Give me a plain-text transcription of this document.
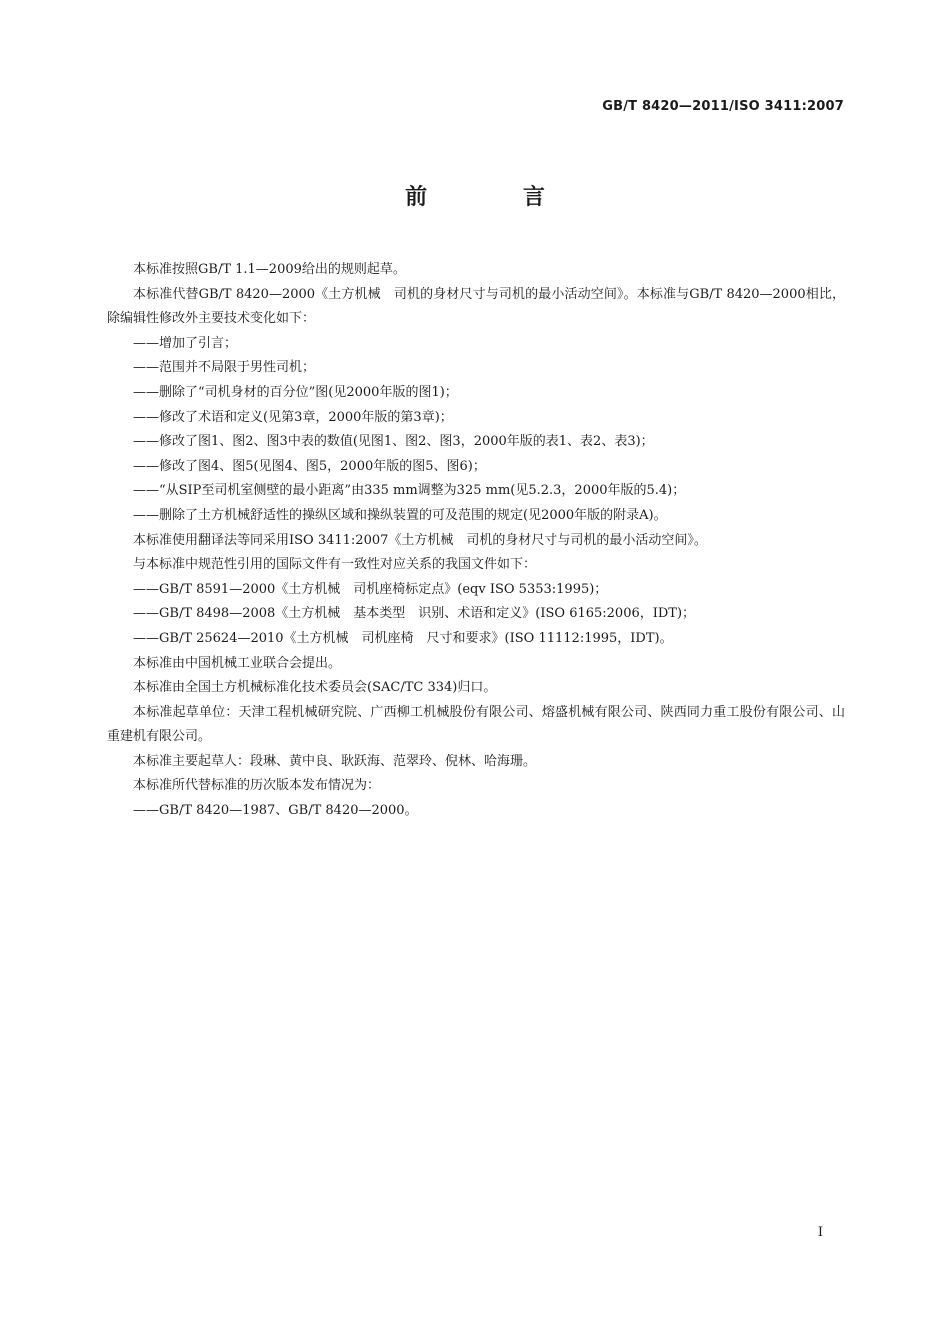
GB/T 8420—2011/ISO 3411:2007
前 言

本标准按照GB/T 1.1—2009给出的规则起草。

本标准代替GB/T 8420—2000《土方机械　司机的身材尺寸与司机的最小活动空间》。本标准与GB/T 8420—2000相比，除编辑性修改外主要技术变化如下：

——增加了引言；

——范围并不局限于男性司机；

——删除了“司机身材的百分位”图(见2000年版的图1)；

——修改了术语和定义(见第3章，2000年版的第3章)；

——修改了图1、图2、图3中表的数值(见图1、图2、图3，2000年版的表1、表2、表3)；

——修改了图4、图5(见图4、图5，2000年版的图5、图6)；

——“从SIP至司机室侧壁的最小距离”由335 mm调整为325 mm(见5.2.3，2000年版的5.4)；

——删除了土方机械舒适性的操纵区域和操纵装置的可及范围的规定(见2000年版的附录A)。

本标准使用翻译法等同采用ISO 3411:2007《土方机械　司机的身材尺寸与司机的最小活动空间》。

与本标准中规范性引用的国际文件有一致性对应关系的我国文件如下：

——GB/T 8591—2000《土方机械　司机座椅标定点》(eqv ISO 5353:1995)；

——GB/T 8498—2008《土方机械　基本类型　识别、术语和定义》(ISO 6165:2006，IDT)；

——GB/T 25624—2010《土方机械　司机座椅　尺寸和要求》(ISO 11112:1995，IDT)。

本标准由中国机械工业联合会提出。

本标准由全国土方机械标准化技术委员会(SAC/TC 334)归口。

本标准起草单位：天津工程机械研究院、广西柳工机械股份有限公司、熔盛机械有限公司、陕西同力重工股份有限公司、山重建机有限公司。

本标准主要起草人：段琳、黄中良、耿跃海、范翠玲、倪林、哈海珊。

本标准所代替标准的历次版本发布情况为：

——GB/T 8420—1987、GB/T 8420—2000。

I
